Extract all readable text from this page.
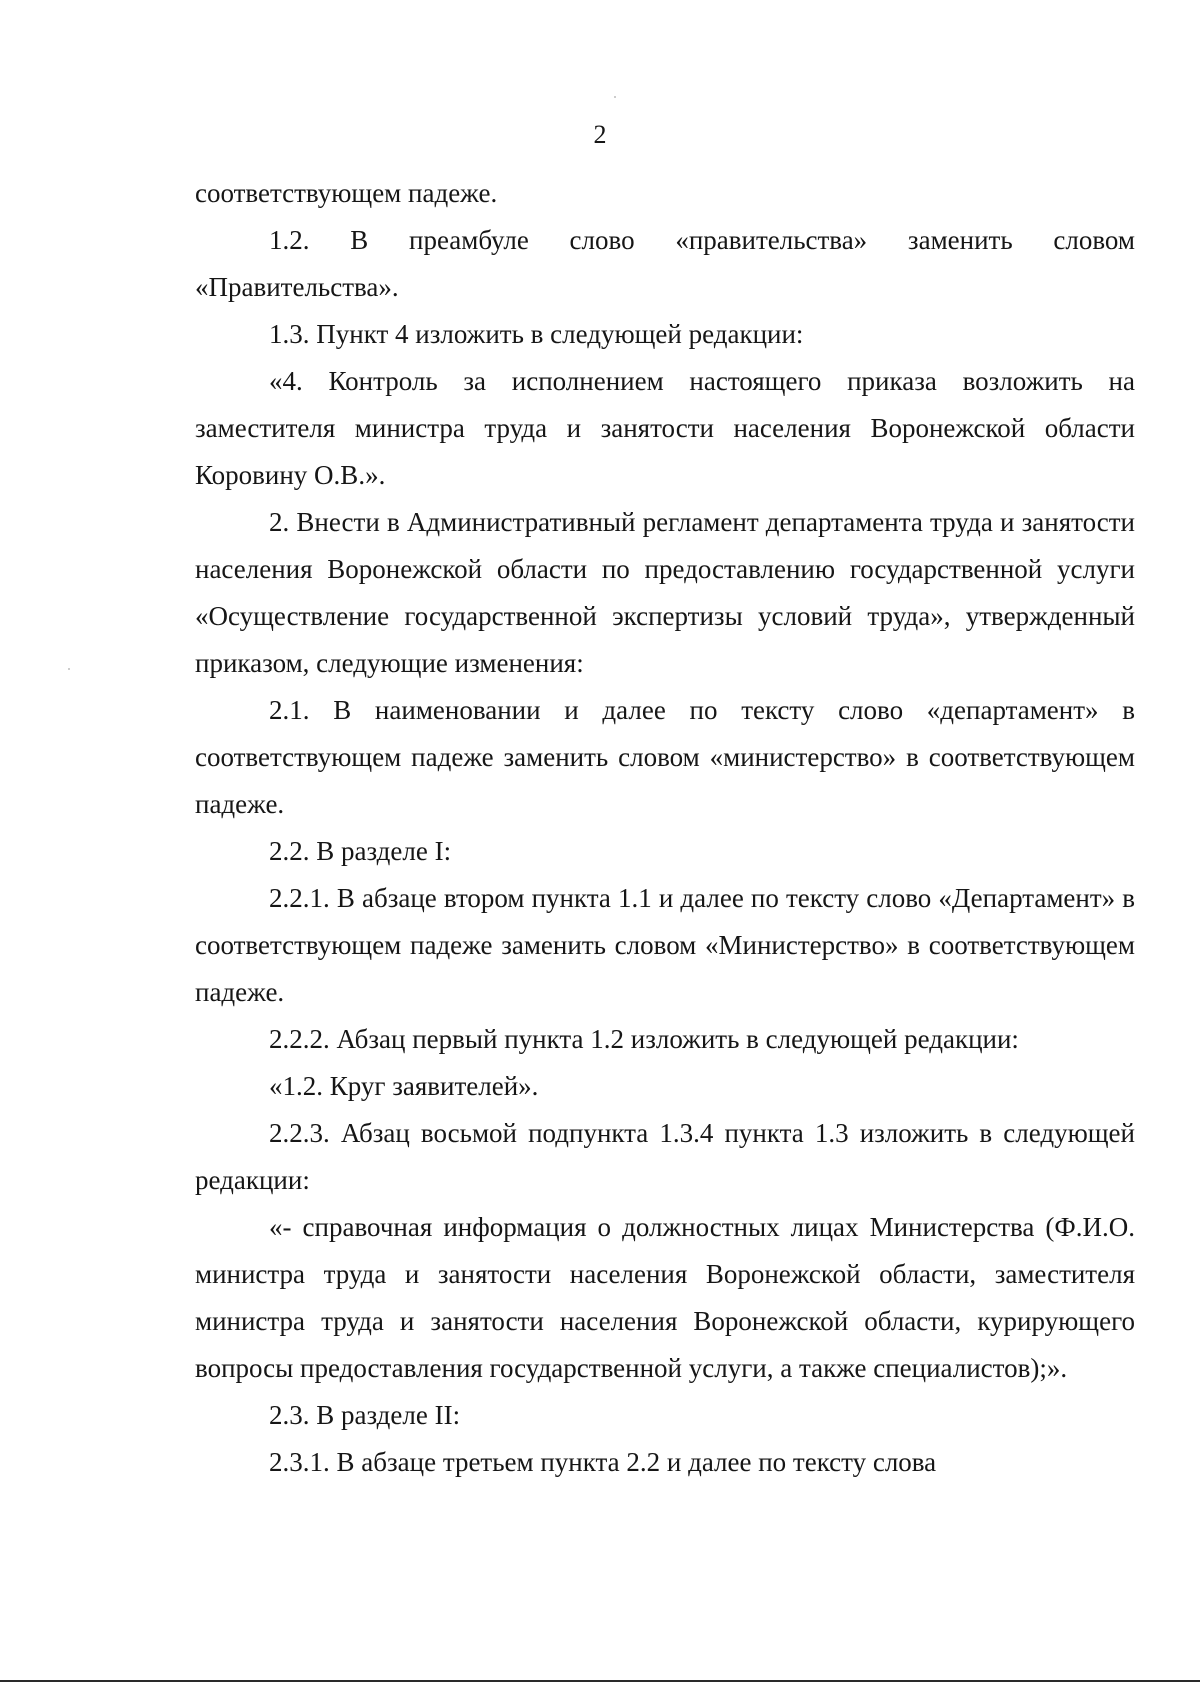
2

соответствующем падеже.

1.2. В преамбуле слово «правительства» заменить словом «Правительства».

1.3. Пункт 4 изложить в следующей редакции:

«4. Контроль за исполнением настоящего приказа возложить на заместителя министра труда и занятости населения Воронежской области Коровину О.В.».

2. Внести в Административный регламент департамента труда и занятости населения Воронежской области по предоставлению государственной услуги «Осуществление государственной экспертизы условий труда», утвержденный приказом, следующие изменения:

2.1. В наименовании и далее по тексту слово «департамент» в соответствующем падеже заменить словом «министерство» в соответствующем падеже.

2.2. В разделе I:

2.2.1. В абзаце втором пункта 1.1 и далее по тексту слово «Департамент» в соответствующем падеже заменить словом «Министерство» в соответствующем падеже.

2.2.2. Абзац первый пункта 1.2 изложить в следующей редакции:

«1.2. Круг заявителей».

2.2.3. Абзац восьмой подпункта 1.3.4 пункта 1.3 изложить в следующей редакции:

«- справочная информация о должностных лицах Министерства (Ф.И.О. министра труда и занятости населения Воронежской области, заместителя министра труда и занятости населения Воронежской области, курирующего вопросы предоставления государственной услуги, а также специалистов);».

2.3. В разделе II:

2.3.1. В абзаце третьем пункта 2.2 и далее по тексту слова
